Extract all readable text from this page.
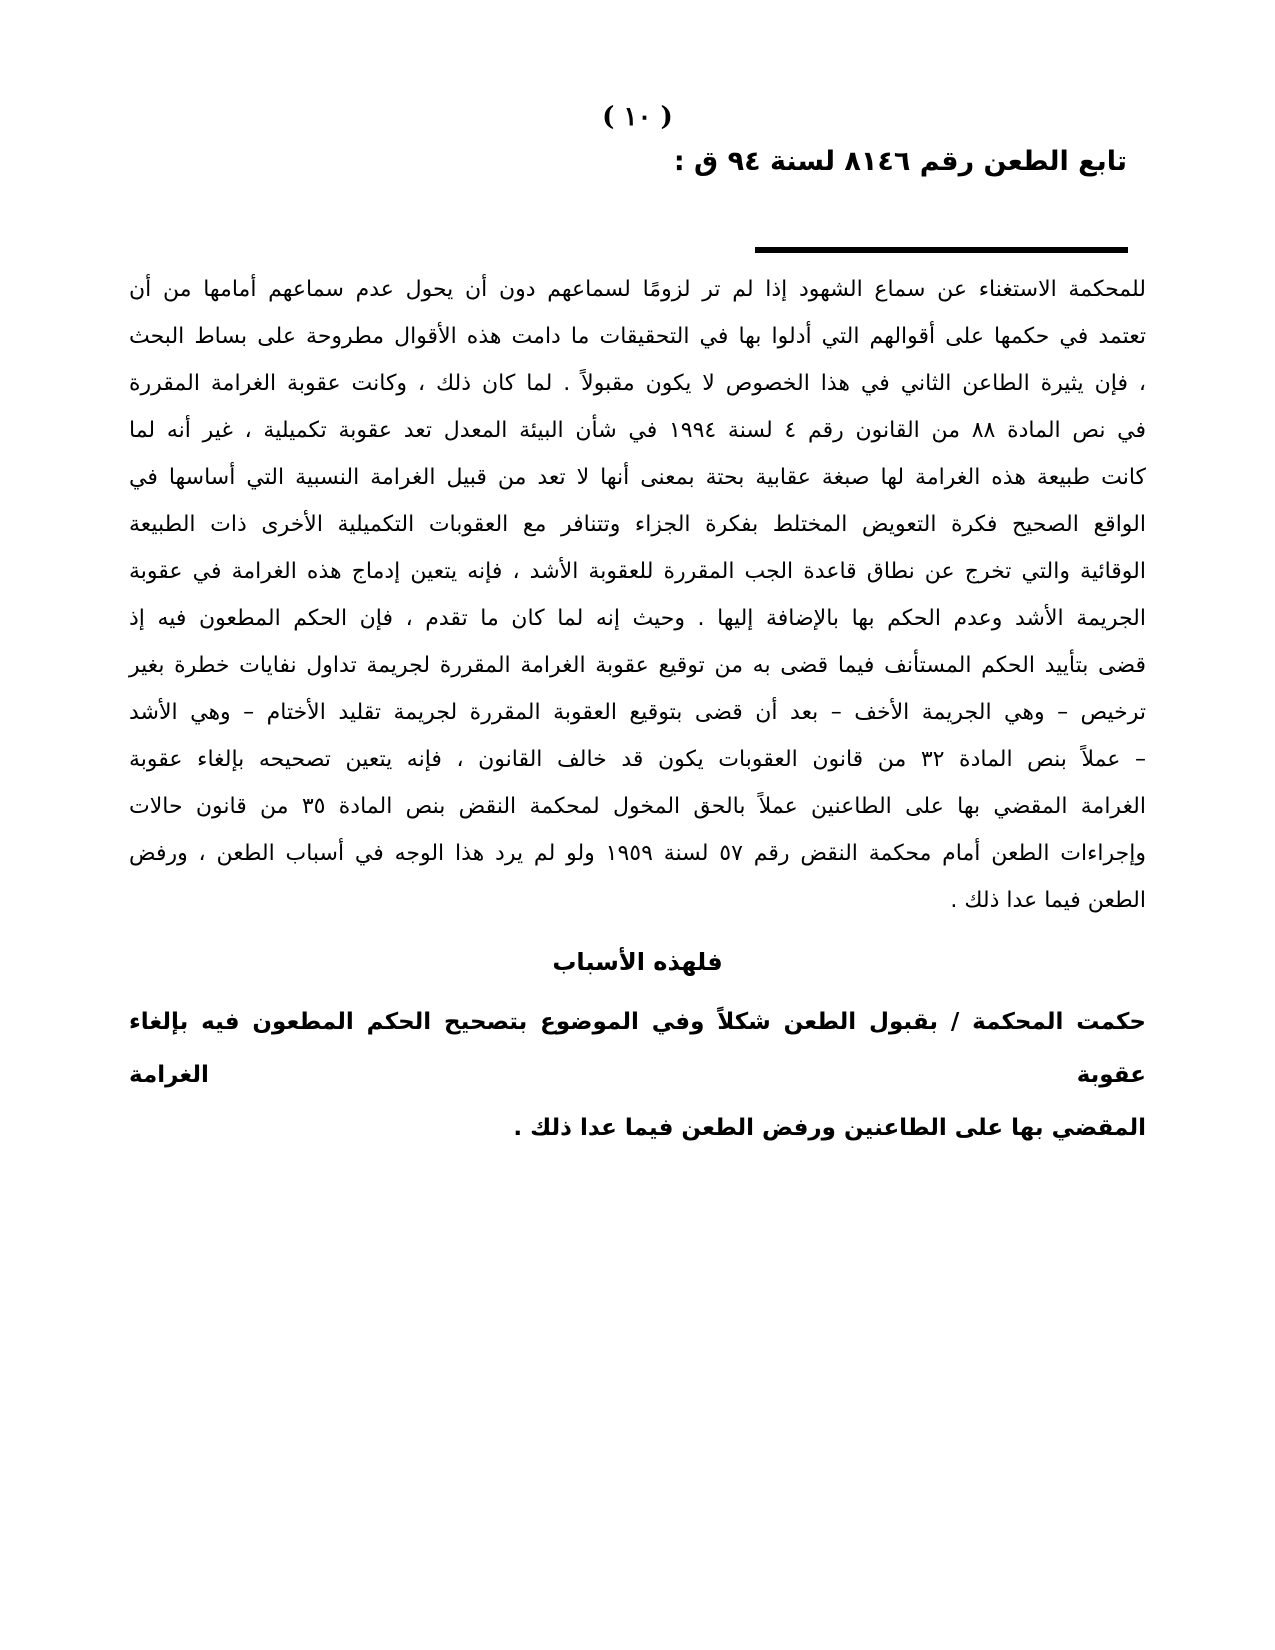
( ١٠ )
تابع الطعن رقم ٨١٤٦ لسنة ٩٤ ق :
للمحكمة الاستغناء عن سماع الشهود إذا لم تر لزومًا لسماعهم دون أن يحول عدم سماعهم أمامها من أن
تعتمد في حكمها على أقوالهم التي أدلوا بها في التحقيقات ما دامت هذه الأقوال مطروحة على بساط البحث
، فإن يثيرة الطاعن الثاني في هذا الخصوص لا يكون مقبولاً . لما كان ذلك ، وكانت عقوبة الغرامة المقررة
في نص المادة ٨٨ من القانون رقم ٤ لسنة ١٩٩٤ في شأن البيئة المعدل تعد عقوبة تكميلية ، غير أنه لما
كانت طبيعة هذه الغرامة لها صبغة عقابية بحتة بمعنى أنها لا تعد من قبيل الغرامة النسبية التي أساسها في
الواقع الصحيح فكرة التعويض المختلط بفكرة الجزاء وتتنافر مع العقوبات التكميلية الأخرى ذات الطبيعة
الوقائية والتي تخرج عن نطاق قاعدة الجب المقررة للعقوبة الأشد ، فإنه يتعين إدماج هذه الغرامة في عقوبة
الجريمة الأشد وعدم الحكم بها بالإضافة إليها . وحيث إنه لما كان ما تقدم ، فإن الحكم المطعون فيه إذ
قضى بتأييد الحكم المستأنف فيما قضى به من توقيع عقوبة الغرامة المقررة لجريمة تداول نفايات خطرة بغير
ترخيص – وهي الجريمة الأخف – بعد أن قضى بتوقيع العقوبة المقررة لجريمة تقليد الأختام – وهي الأشد
– عملاً بنص المادة ٣٢ من قانون العقوبات يكون قد خالف القانون ، فإنه يتعين تصحيحه بإلغاء عقوبة
الغرامة المقضي بها على الطاعنين عملاً بالحق المخول لمحكمة النقض بنص المادة ٣٥ من قانون حالات
وإجراءات الطعن أمام محكمة النقض رقم ٥٧ لسنة ١٩٥٩ ولو لم يرد هذا الوجه في أسباب الطعن ، ورفض
الطعن فيما عدا ذلك .
فلهذه الأسباب
حكمت المحكمة / بقبول الطعن شكلاً وفي الموضوع بتصحيح الحكم المطعون فيه بإلغاء عقوبة الغرامة
المقضي بها على الطاعنين ورفض الطعن فيما عدا ذلك .
